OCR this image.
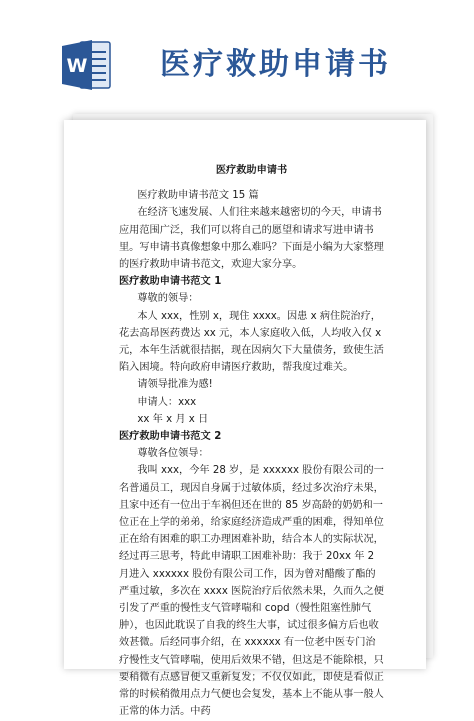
W 医疗救助申请书

医疗救助申请书

医疗救助申请书范文 15 篇

在经济飞速发展、人们往来越来越密切的今天，申请书应用范围广泛，我们可以将自己的愿望和请求写进申请书里。写申请书真像想象中那么难吗？下面是小编为大家整理的医疗救助申请书范文，欢迎大家分享。

医疗救助申请书范文 1

尊敬的领导：

本人 xxx，性别 x，现住 xxxx。因患 x 病住院治疗，花去高昂医药费达 xx 元，本人家庭收入低，人均收入仅 x 元，本年生活就很拮据，现在因病欠下大量债务，致使生活陷入困境。特向政府申请医疗救助，帮我度过难关。

请领导批准为感!

申请人：xxx

xx 年 x 月 x 日

医疗救助申请书范文 2

尊敬各位领导：

我叫 xxx，今年 28 岁，是 xxxxxx 股份有限公司的一名普通员工，现因自身属于过敏体质，经过多次治疗未果，且家中还有一位出于车祸但还在世的 85 岁高龄的奶奶和一位正在上学的弟弟，给家庭经济造成严重的困难，得知单位正在给有困难的职工办理困难补助，结合本人的实际状况，经过再三思考，特此申请职工困难补助：我于 20xx 年 2 月进入 xxxxxx 股份有限公司工作，因为曾对醋酸了酯的严重过敏，多次在 xxxx 医院治疗后依然未果，久而久之便引发了严重的慢性支气管哮喘和 copd（慢性阻塞性肺气肿），也因此耽误了自我的终生大事，试过很多偏方后也收效甚微。后经同事介绍，在 xxxxxx 有一位老中医专门治疗慢性支气管哮喘，使用后效果不错，但这是不能除根，只要稍微有点感冒便又重新复发；不仅仅如此，即使是看似正常的时候稍微用点力气便也会复发，基本上不能从事一般人正常的体力活。中药
